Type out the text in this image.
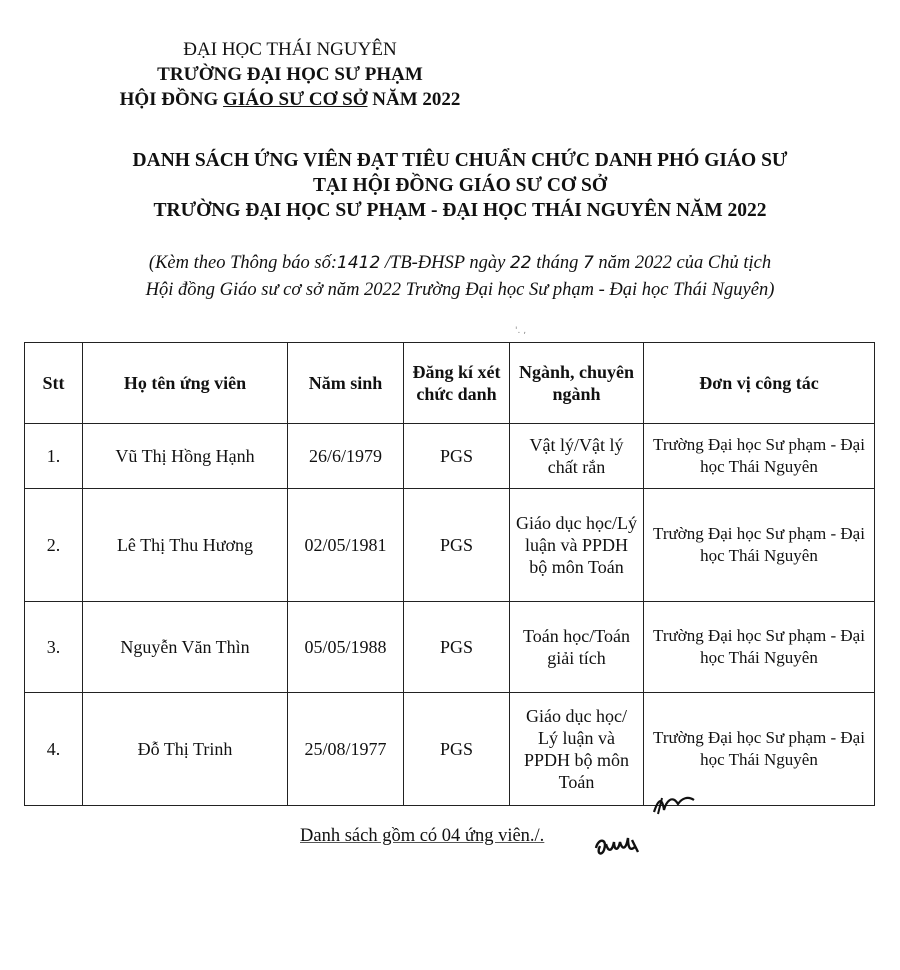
ĐẠI HỌC THÁI NGUYÊN
TRƯỜNG ĐẠI HỌC SƯ PHẠM
HỘI ĐỒNG GIÁO SƯ CƠ SỞ NĂM 2022
DANH SÁCH ỨNG VIÊN ĐẠT TIÊU CHUẨN CHỨC DANH PHÓ GIÁO SƯ
TẠI HỘI ĐỒNG GIÁO SƯ CƠ SỞ
TRƯỜNG ĐẠI HỌC SƯ PHẠM - ĐẠI HỌC THÁI NGUYÊN NĂM 2022
(Kèm theo Thông báo số:1412 /TB-ĐHSP ngày 22 tháng 7 năm 2022 của Chủ tịch
Hội đồng Giáo sư cơ sở năm 2022 Trường Đại học Sư phạm - Đại học Thái Nguyên)
'. ,
Stt	Họ tên ứng viên	Năm sinh	Đăng kí xét chức danh	Ngành, chuyên ngành	Đơn vị công tác
1.	Vũ Thị Hồng Hạnh	26/6/1979	PGS	Vật lý/Vật lý chất rắn	Trường Đại học Sư phạm - Đại học Thái Nguyên
2.	Lê Thị Thu Hương	02/05/1981	PGS	Giáo dục học/Lý luận và PPDH bộ môn Toán	Trường Đại học Sư phạm - Đại học Thái Nguyên
3.	Nguyễn Văn Thìn	05/05/1988	PGS	Toán học/Toán giải tích	Trường Đại học Sư phạm - Đại học Thái Nguyên
4.	Đỗ Thị Trinh	25/08/1977	PGS	Giáo dục học/ Lý luận và PPDH bộ môn Toán	Trường Đại học Sư phạm - Đại học Thái Nguyên
Danh sách gồm có 04 ứng viên./.
